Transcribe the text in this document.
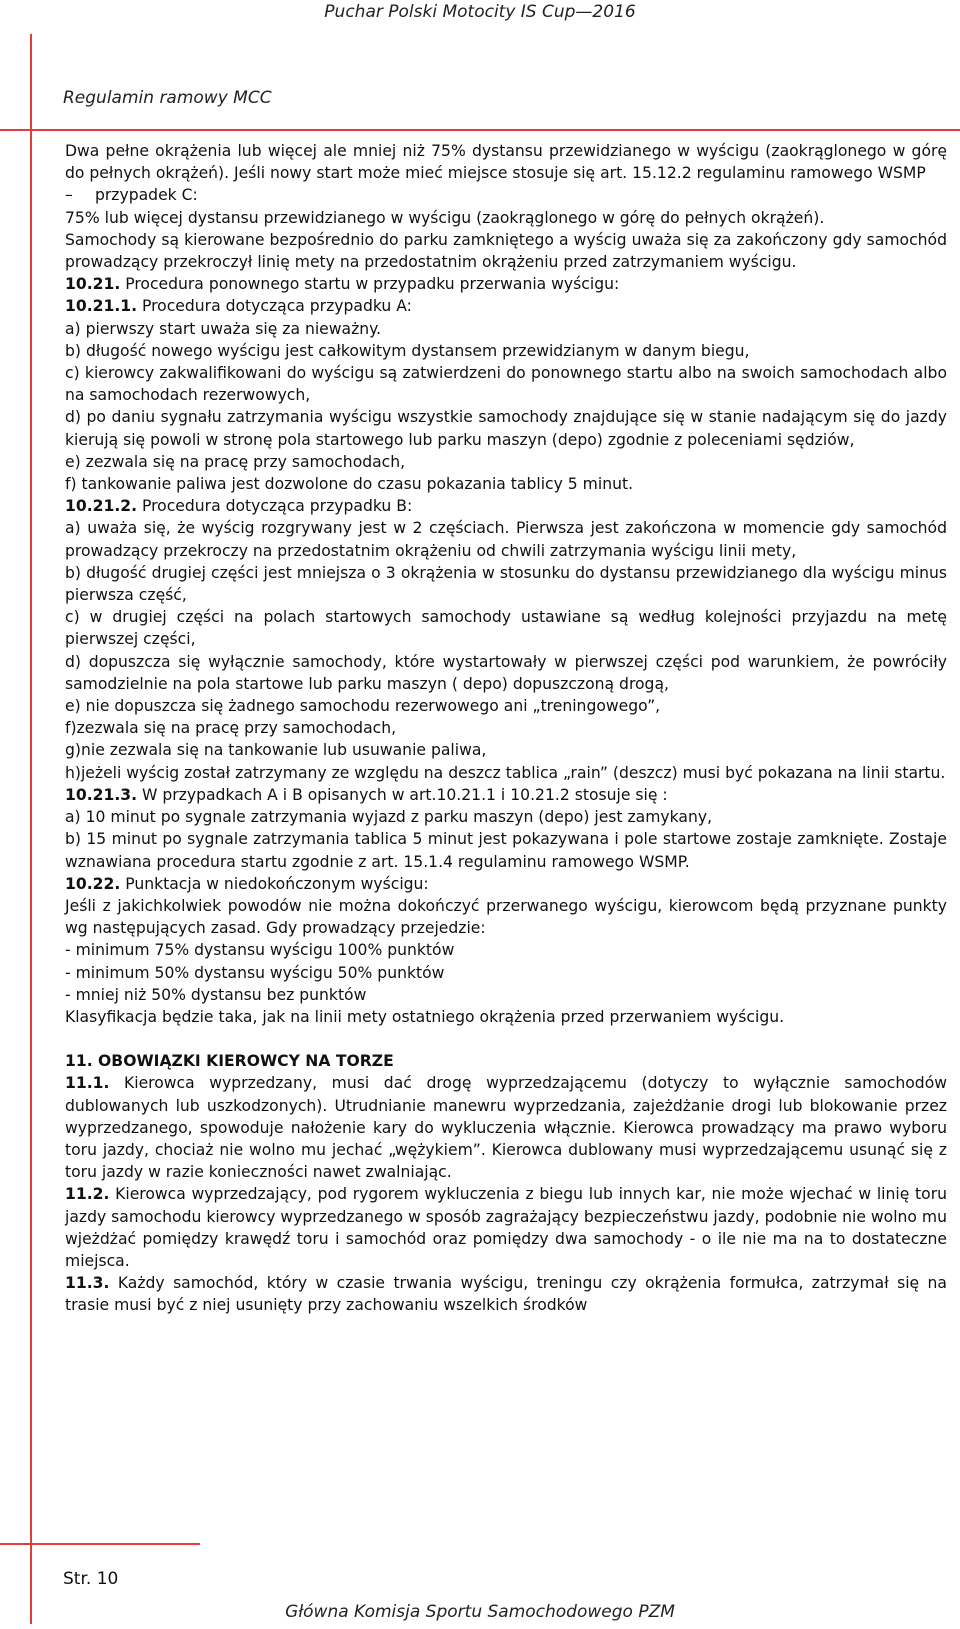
Puchar Polski Motocity IS Cup—2016
Regulamin ramowy MCC

Dwa pełne okrążenia lub więcej ale mniej niż 75% dystansu przewidzianego w wyścigu (zaokrąglonego w górę do pełnych okrążeń). Jeśli nowy start może mieć miejsce stosuje się art. 15.12.2 regulaminu ramowego WSMP

– przypadek C:

75% lub więcej dystansu przewidzianego w wyścigu (zaokrąglonego w górę do pełnych okrążeń).

Samochody są kierowane bezpośrednio do parku zamkniętego a wyścig uważa się za zakończony gdy samochód prowadzący przekroczył linię mety na przedostatnim okrążeniu przed zatrzymaniem wyścigu.

10.21. Procedura ponownego startu w przypadku przerwania wyścigu:

10.21.1. Procedura dotycząca przypadku A:

a) pierwszy start uważa się za nieważny.

b) długość nowego wyścigu jest całkowitym dystansem przewidzianym w danym biegu,

c) kierowcy zakwalifikowani do wyścigu są zatwierdzeni do ponownego startu albo na swoich samochodach albo na samochodach rezerwowych,

d) po daniu sygnału zatrzymania wyścigu wszystkie samochody znajdujące się w stanie nadającym się do jazdy kierują się powoli w stronę pola startowego lub parku maszyn (depo) zgodnie z poleceniami sędziów,

e) zezwala się na pracę przy samochodach,

f) tankowanie paliwa jest dozwolone do czasu pokazania tablicy 5 minut.

10.21.2. Procedura dotycząca przypadku B:

a) uważa się, że wyścig rozgrywany jest w 2 częściach. Pierwsza jest zakończona w momencie gdy samochód prowadzący przekroczy na przedostatnim okrążeniu od chwili zatrzymania wyścigu linii mety,

b) długość drugiej części jest mniejsza o 3 okrążenia w stosunku do dystansu przewidzianego dla wyścigu minus pierwsza część,

c) w drugiej części na polach startowych samochody ustawiane są według kolejności przyjazdu na metę pierwszej części,

d) dopuszcza się wyłącznie samochody, które wystartowały w pierwszej części pod warunkiem, że powróciły samodzielnie na pola startowe lub parku maszyn ( depo) dopuszczoną drogą,

e) nie dopuszcza się żadnego samochodu rezerwowego ani „treningowego”,

f)zezwala się na pracę przy samochodach,

g)nie zezwala się na tankowanie lub usuwanie paliwa,

h)jeżeli wyścig został zatrzymany ze względu na deszcz tablica „rain” (deszcz) musi być pokazana na linii startu.

10.21.3. W przypadkach A i B opisanych w art.10.21.1 i 10.21.2 stosuje się :

a) 10 minut po sygnale zatrzymania wyjazd z parku maszyn (depo) jest zamykany,

b) 15 minut po sygnale zatrzymania tablica 5 minut jest pokazywana i pole startowe zostaje zamknięte. Zostaje wznawiana procedura startu zgodnie z art. 15.1.4 regulaminu ramowego WSMP.

10.22. Punktacja w niedokończonym wyścigu:

Jeśli z jakichkolwiek powodów nie można dokończyć przerwanego wyścigu, kierowcom będą przyznane punkty wg następujących zasad. Gdy prowadzący przejedzie:

- minimum 75% dystansu wyścigu 100% punktów

- minimum 50% dystansu wyścigu 50% punktów

- mniej niż 50% dystansu bez punktów

Klasyfikacja będzie taka, jak na linii mety ostatniego okrążenia przed przerwaniem wyścigu.

11. OBOWIĄZKI KIEROWCY NA TORZE

11.1. Kierowca wyprzedzany, musi dać drogę wyprzedzającemu (dotyczy to wyłącznie samochodów dublowanych lub uszkodzonych). Utrudnianie manewru wyprzedzania, zajeżdżanie drogi lub blokowanie przez wyprzedzanego, spowoduje nałożenie kary do wykluczenia włącznie. Kierowca prowadzący ma prawo wyboru toru jazdy, chociaż nie wolno mu jechać „wężykiem”. Kierowca dublowany musi wyprzedzającemu usunąć się z toru jazdy w razie konieczności nawet zwalniając.

11.2. Kierowca wyprzedzający, pod rygorem wykluczenia z biegu lub innych kar, nie może wjechać w linię toru jazdy samochodu kierowcy wyprzedzanego w sposób zagrażający bezpieczeństwu jazdy, podobnie nie wolno mu wjeżdżać pomiędzy krawędź toru i samochód oraz pomiędzy dwa samochody - o ile nie ma na to dostateczne miejsca.

11.3. Każdy samochód, który w czasie trwania wyścigu, treningu czy okrążenia formułca, zatrzymał się na trasie musi być z niej usunięty przy zachowaniu wszelkich środków

Str. 10
Główna Komisja Sportu Samochodowego PZM
